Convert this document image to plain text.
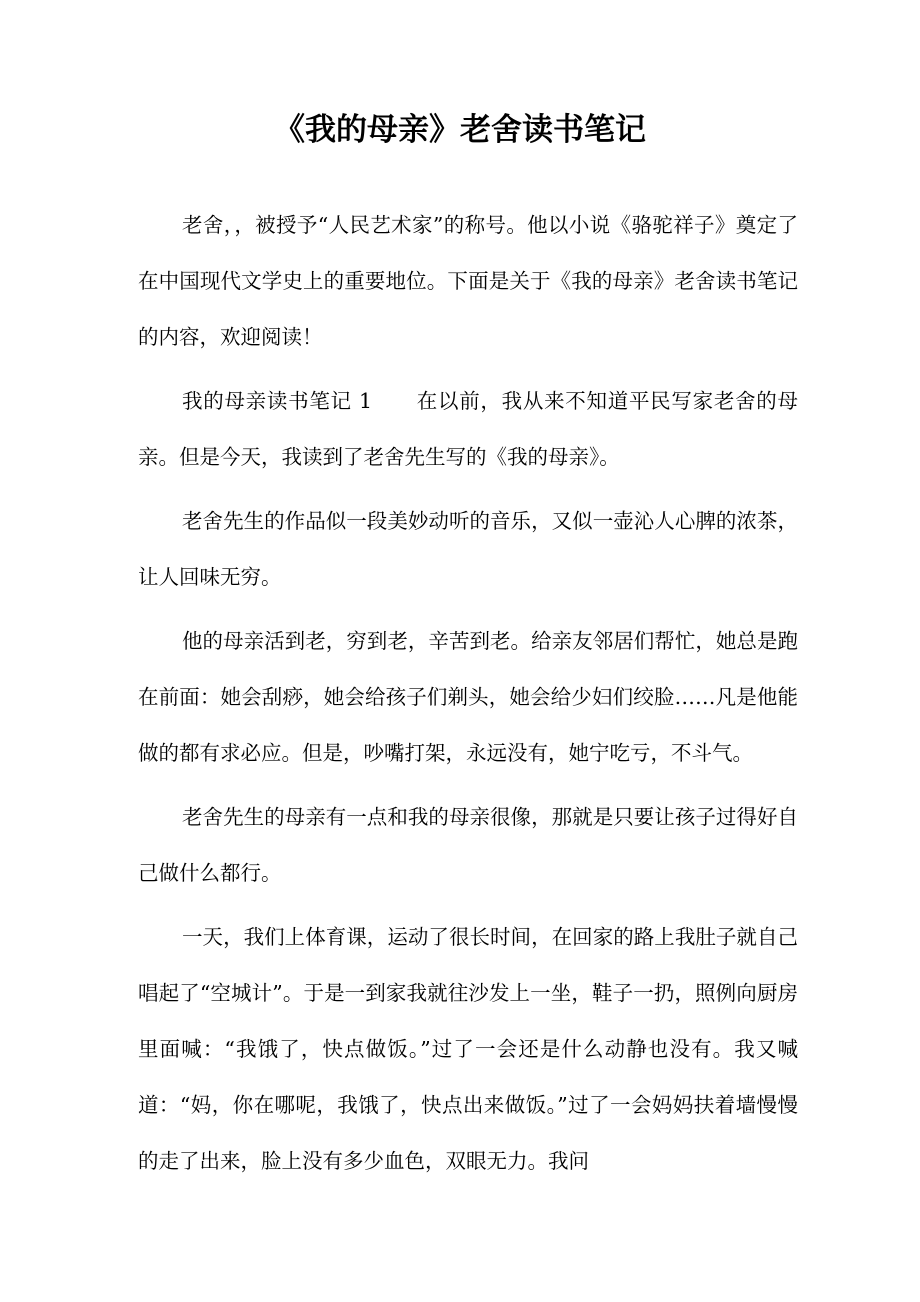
《我的母亲》老舍读书笔记

老舍，，被授予“人民艺术家”的称号。他以小说《骆驼祥子》奠定了在中国现代文学史上的重要地位。下面是关于《我的母亲》老舍读书笔记的内容，欢迎阅读！

我的母亲读书笔记 1 在以前，我从来不知道平民写家老舍的母亲。但是今天，我读到了老舍先生写的《我的母亲》。

老舍先生的作品似一段美妙动听的音乐，又似一壶沁人心脾的浓茶，让人回味无穷。

他的母亲活到老，穷到老，辛苦到老。给亲友邻居们帮忙，她总是跑在前面：她会刮痧，她会给孩子们剃头，她会给少妇们绞脸……凡是他能做的都有求必应。但是，吵嘴打架，永远没有，她宁吃亏，不斗气。

老舍先生的母亲有一点和我的母亲很像，那就是只要让孩子过得好自己做什么都行。

一天，我们上体育课，运动了很长时间，在回家的路上我肚子就自己唱起了“空城计”。于是一到家我就往沙发上一坐，鞋子一扔，照例向厨房里面喊：“我饿了，快点做饭。”过了一会还是什么动静也没有。我又喊道：“妈，你在哪呢，我饿了，快点出来做饭。”过了一会妈妈扶着墙慢慢的走了出来，脸上没有多少血色，双眼无力。我问
